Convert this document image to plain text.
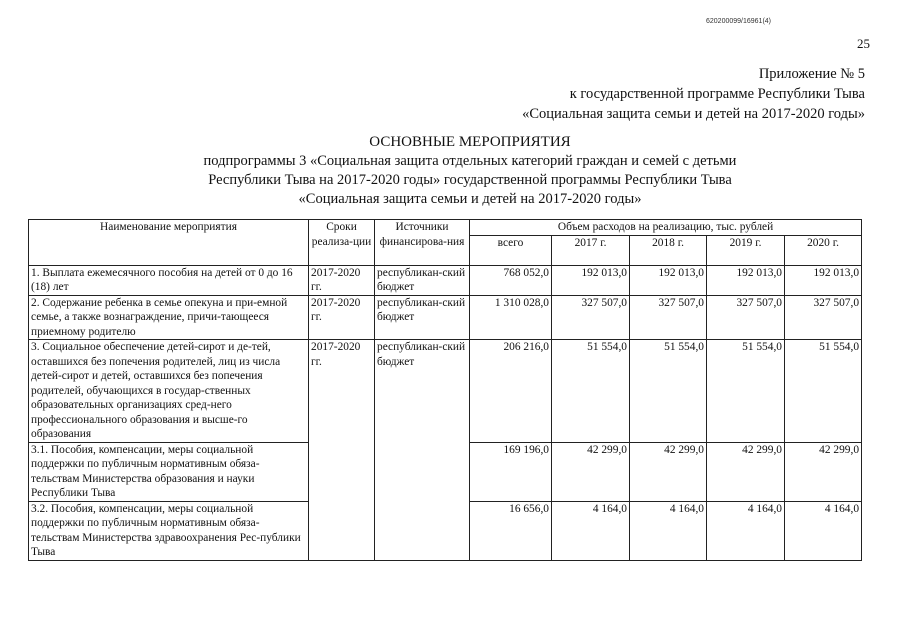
620200099/16961(4)
25
Приложение № 5
к государственной программе Республики Тыва
«Социальная защита семьи и детей на 2017-2020 годы»
ОСНОВНЫЕ МЕРОПРИЯТИЯ
подпрограммы 3 «Социальная защита отдельных категорий граждан и семей с детьми
Республики Тыва на 2017-2020 годы» государственной программы Республики Тыва
«Социальная защита семьи и детей на 2017-2020 годы»
Наименование мероприятия	Сроки реализа-ции	Источники финансирова-ния	Объем расходов на реализацию, тыс. рублей				
			всего	2017 г.	2018 г.	2019 г.	2020 г.
1. Выплата ежемесячного пособия на детей от 0 до 16 (18) лет	2017-2020 гг.	республикан-ский бюджет	768 052,0	192 013,0	192 013,0	192 013,0	192 013,0
2. Содержание ребенка в семье опекуна и при-емной семье, а также вознаграждение, причи-тающееся приемному родителю	2017-2020 гг.	республикан-ский бюджет	1 310 028,0	327 507,0	327 507,0	327 507,0	327 507,0
3. Социальное обеспечение детей-сирот и де-тей, оставшихся без попечения родителей, лиц из числа детей-сирот и детей, оставшихся без попечения родителей, обучающихся в государ-ственных образовательных организациях сред-него профессионального образования и высше-го образования	2017-2020 гг.	республикан-ский бюджет	206 216,0	51 554,0	51 554,0	51 554,0	51 554,0
3.1. Пособия, компенсации, меры социальной поддержки по публичным нормативным обяза-тельствам Министерства образования и науки Республики Тыва			169 196,0	42 299,0	42 299,0	42 299,0	42 299,0
3.2. Пособия, компенсации, меры социальной поддержки по публичным нормативным обяза-тельствам Министерства здравоохранения Рес-публики Тыва			16 656,0	4 164,0	4 164,0	4 164,0	4 164,0
